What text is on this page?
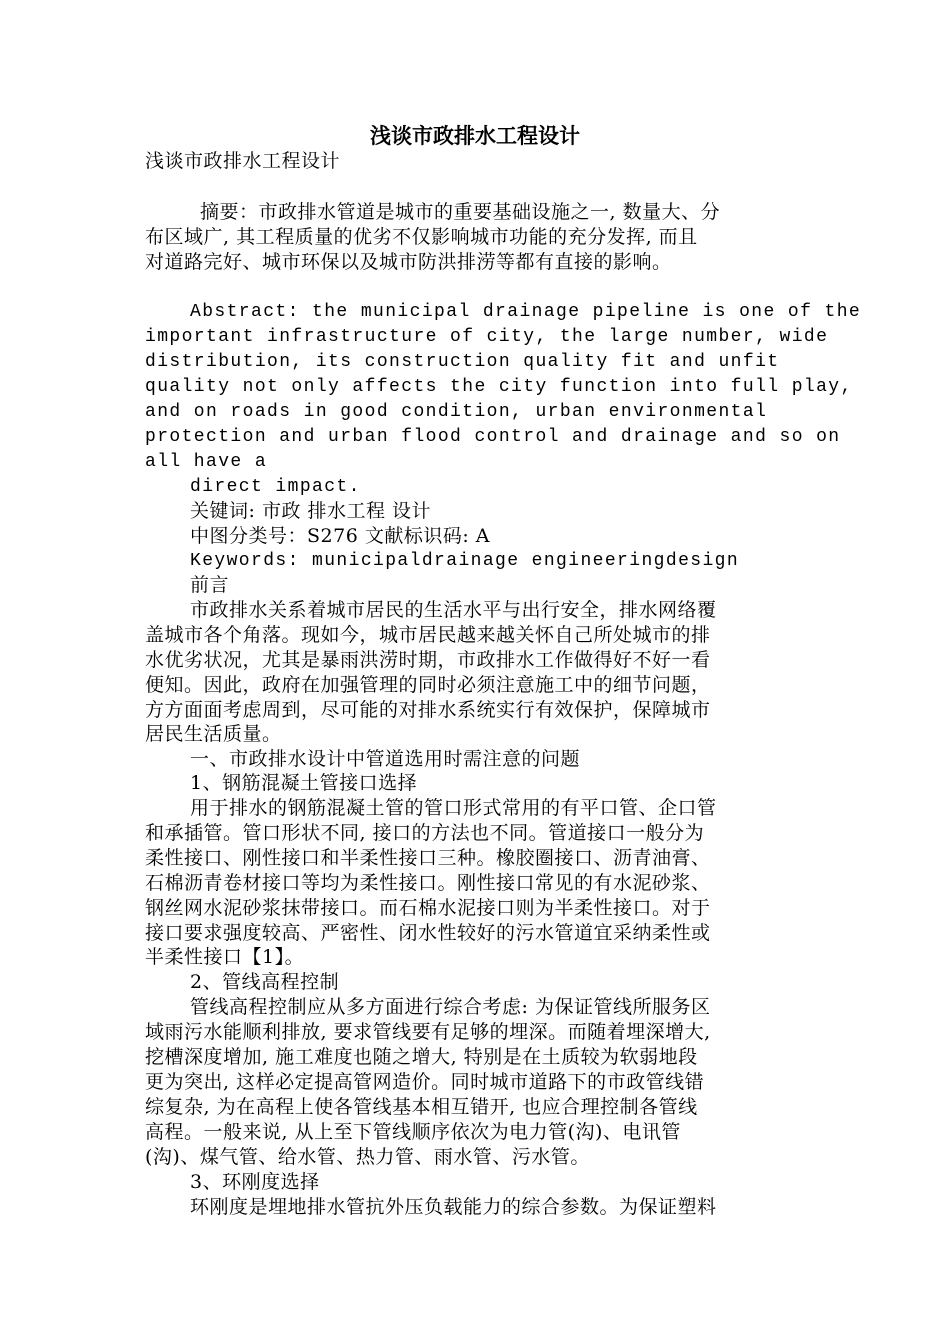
浅谈市政排水工程设计
浅谈市政排水工程设计
摘要：市政排水管道是城市的重要基础设施之一, 数量大、分
布区域广, 其工程质量的优劣不仅影响城市功能的充分发挥, 而且
对道路完好、城市环保以及城市防洪排涝等都有直接的影响。
Abstract: the municipal drainage pipeline is one of the
important infrastructure of city, the large number, wide
distribution, its construction quality fit and unfit
quality not only affects the city function into full play,
and on roads in good condition, urban environmental
protection and urban flood control and drainage and so on
all have a
direct impact.
关键词: 市政 排水工程 设计
中图分类号：S276 文献标识码: A
Keywords: municipaldrainage engineeringdesign
前言
市政排水关系着城市居民的生活水平与出行安全，排水网络覆
盖城市各个角落。现如今，城市居民越来越关怀自己所处城市的排
水优劣状况，尤其是暴雨洪涝时期，市政排水工作做得好不好一看
便知。因此，政府在加强管理的同时必须注意施工中的细节问题，
方方面面考虑周到，尽可能的对排水系统实行有效保护，保障城市
居民生活质量。
一、市政排水设计中管道选用时需注意的问题
1、钢筋混凝土管接口选择
用于排水的钢筋混凝土管的管口形式常用的有平口管、企口管
和承插管。管口形状不同, 接口的方法也不同。管道接口一般分为
柔性接口、刚性接口和半柔性接口三种。橡胶圈接口、沥青油膏、
石棉沥青卷材接口等均为柔性接口。刚性接口常见的有水泥砂浆、
钢丝网水泥砂浆抹带接口。而石棉水泥接口则为半柔性接口。对于
接口要求强度较高、严密性、闭水性较好的污水管道宜采纳柔性或
半柔性接口【1】。
2、管线高程控制
管线高程控制应从多方面进行综合考虑: 为保证管线所服务区
域雨污水能顺利排放, 要求管线要有足够的埋深。而随着埋深增大,
挖槽深度增加, 施工难度也随之增大, 特别是在土质较为软弱地段
更为突出, 这样必定提高管网造价。同时城市道路下的市政管线错
综复杂, 为在高程上使各管线基本相互错开, 也应合理控制各管线
高程。一般来说, 从上至下管线顺序依次为电力管(沟)、电讯管
(沟)、煤气管、给水管、热力管、雨水管、污水管。
3、环刚度选择
环刚度是埋地排水管抗外压负载能力的综合参数。为保证塑料
